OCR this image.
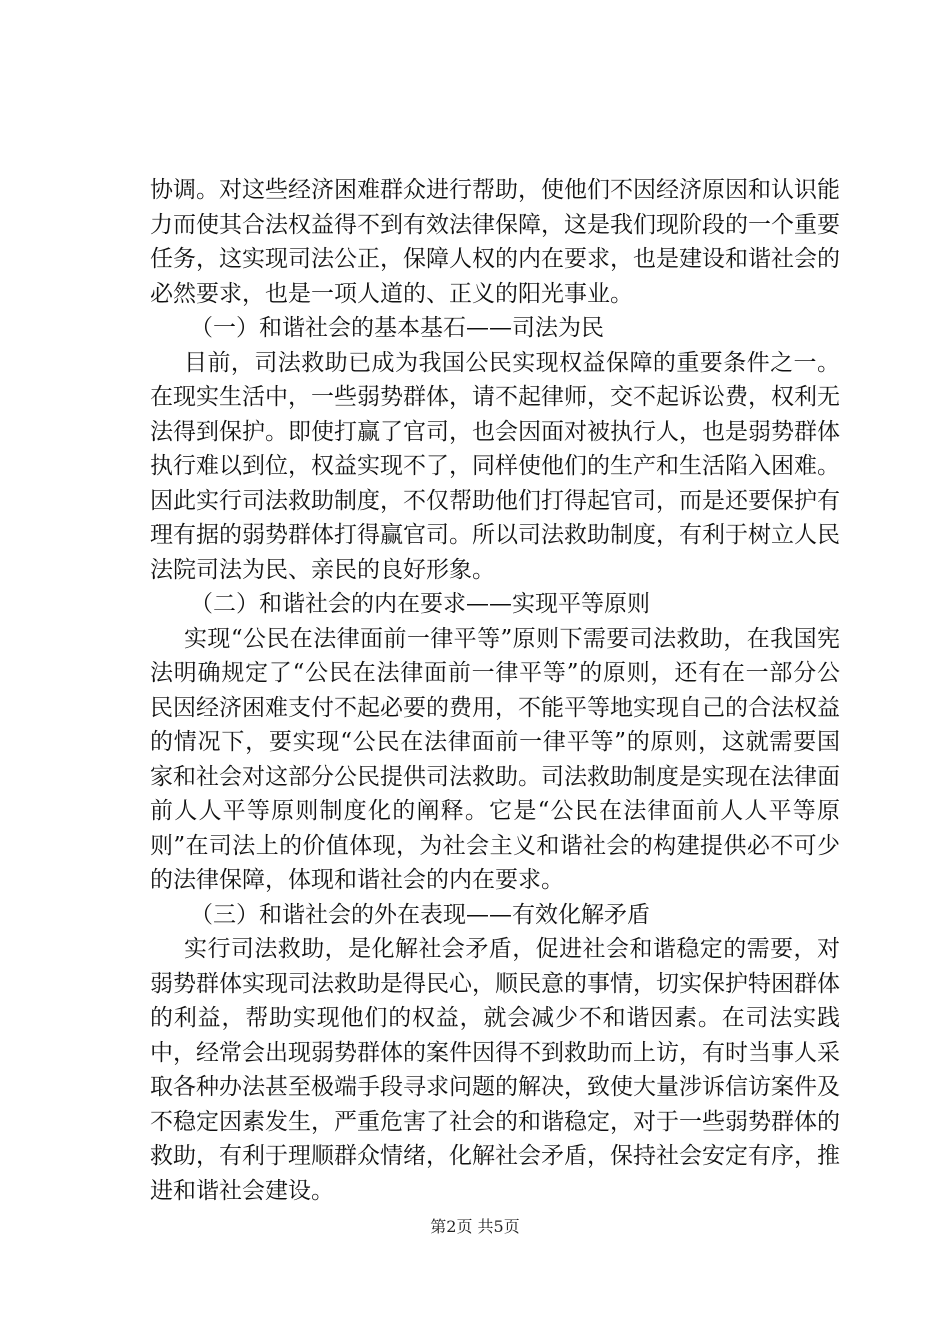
协调。对这些经济困难群众进行帮助，使他们不因经济原因和认识能力而使其合法权益得不到有效法律保障，这是我们现阶段的一个重要任务，这实现司法公正，保障人权的内在要求，也是建设和谐社会的必然要求，也是一项人道的、正义的阳光事业。

（一）和谐社会的基本基石——司法为民

目前，司法救助已成为我国公民实现权益保障的重要条件之一。在现实生活中，一些弱势群体，请不起律师，交不起诉讼费，权利无法得到保护。即使打赢了官司，也会因面对被执行人，也是弱势群体执行难以到位，权益实现不了，同样使他们的生产和生活陷入困难。因此实行司法救助制度，不仅帮助他们打得起官司，而是还要保护有理有据的弱势群体打得赢官司。所以司法救助制度，有利于树立人民法院司法为民、亲民的良好形象。

（二）和谐社会的内在要求——实现平等原则

实现“公民在法律面前一律平等”原则下需要司法救助，在我国宪法明确规定了“公民在法律面前一律平等”的原则，还有在一部分公民因经济困难支付不起必要的费用，不能平等地实现自己的合法权益的情况下，要实现“公民在法律面前一律平等”的原则，这就需要国家和社会对这部分公民提供司法救助。司法救助制度是实现在法律面前人人平等原则制度化的阐释。它是“公民在法律面前人人平等原则”在司法上的价值体现，为社会主义和谐社会的构建提供必不可少的法律保障，体现和谐社会的内在要求。

（三）和谐社会的外在表现——有效化解矛盾

实行司法救助，是化解社会矛盾，促进社会和谐稳定的需要，对弱势群体实现司法救助是得民心，顺民意的事情，切实保护特困群体的利益，帮助实现他们的权益，就会减少不和谐因素。在司法实践中，经常会出现弱势群体的案件因得不到救助而上访，有时当事人采取各种办法甚至极端手段寻求问题的解决，致使大量涉诉信访案件及不稳定因素发生，严重危害了社会的和谐稳定，对于一些弱势群体的救助，有利于理顺群众情绪，化解社会矛盾，保持社会安定有序，推进和谐社会建设。

第2页 共5页
